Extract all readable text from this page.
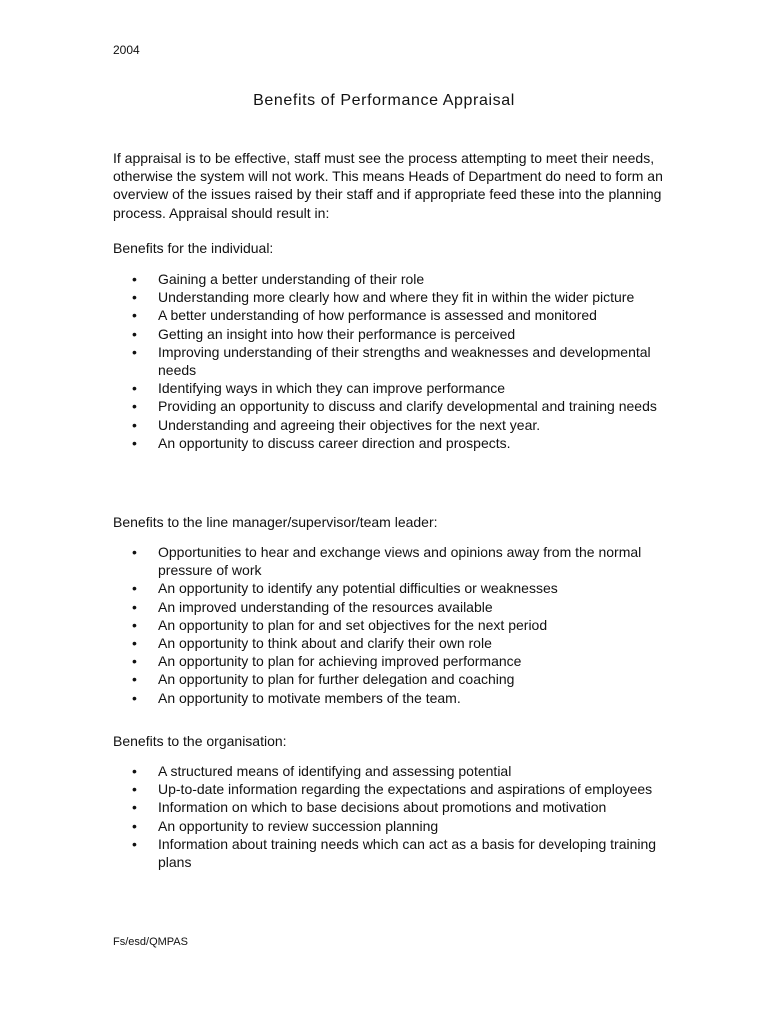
2004
Benefits of Performance Appraisal

If appraisal is to be effective, staff must see the process attempting to meet their needs, otherwise the system will not work. This means Heads of Department do need to form an overview of the issues raised by their staff and if appropriate feed these into the planning process. Appraisal should result in:

Benefits for the individual:

• Gaining a better understanding of their role
• Understanding more clearly how and where they fit in within the wider picture
• A better understanding of how performance is assessed and monitored
• Getting an insight into how their performance is perceived
• Improving understanding of their strengths and weaknesses and developmental needs
• Identifying ways in which they can improve performance
• Providing an opportunity to discuss and clarify developmental and training needs
• Understanding and agreeing their objectives for the next year.
• An opportunity to discuss career direction and prospects.

Benefits to the line manager/supervisor/team leader:

• Opportunities to hear and exchange views and opinions away from the normal pressure of work
• An opportunity to identify any potential difficulties or weaknesses
• An improved understanding of the resources available
• An opportunity to plan for and set objectives for the next period
• An opportunity to think about and clarify their own role
• An opportunity to plan for achieving improved performance
• An opportunity to plan for further delegation and coaching
• An opportunity to motivate members of the team.

Benefits to the organisation:

• A structured means of identifying and assessing potential
• Up-to-date information regarding the expectations and aspirations of employees
• Information on which to base decisions about promotions and motivation
• An opportunity to review succession planning
• Information about training needs which can act as a basis for developing training plans
Fs/esd/QMPAS
